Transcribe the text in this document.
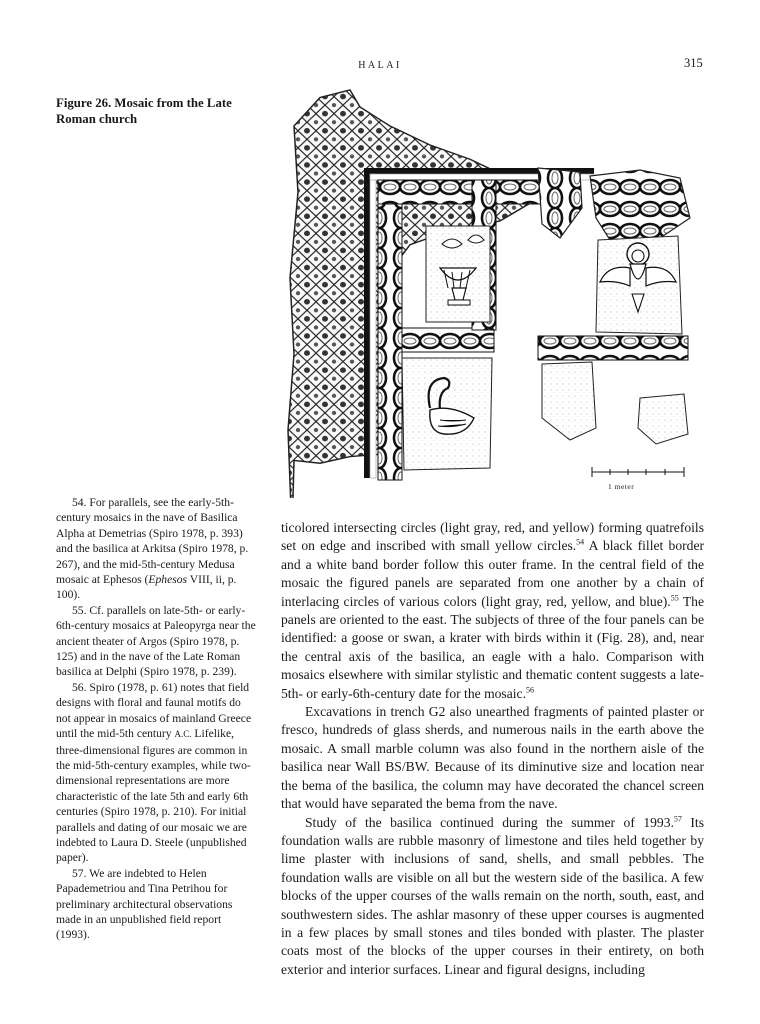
HALAI	315
Figure 26. Mosaic from the Late Roman church
1 meter

54. For parallels, see the early-5th-century mosaics in the nave of Basilica Alpha at Demetrias (Spiro 1978, p. 393) and the basilica at Arkitsa (Spiro 1978, p. 267), and the mid-5th-century Medusa mosaic at Ephesos (Ephesos VIII, ii, p. 100).

55. Cf. parallels on late-5th- or early-6th-century mosaics at Paleopyrga near the ancient theater of Argos (Spiro 1978, p. 125) and in the nave of the Late Roman basilica at Delphi (Spiro 1978, p. 239).

56. Spiro (1978, p. 61) notes that field designs with floral and faunal motifs do not appear in mosaics of mainland Greece until the mid-5th century A.C. Lifelike, three-dimensional figures are common in the mid-5th-century examples, while two-dimensional representations are more characteristic of the late 5th and early 6th centuries (Spiro 1978, p. 210). For initial parallels and dating of our mosaic we are indebted to Laura D. Steele (unpublished paper).

57. We are indebted to Helen Papademetriou and Tina Petrihou for preliminary architectural observations made in an unpublished field report (1993).

ticolored intersecting circles (light gray, red, and yellow) forming quatrefoils set on edge and inscribed with small yellow circles.$^{54}$ A black fillet border and a white band border follow this outer frame. In the central field of the mosaic the figured panels are separated from one another by a chain of interlacing circles of various colors (light gray, red, yellow, and blue).$^{55}$ The panels are oriented to the east. The subjects of three of the four panels can be identified: a goose or swan, a krater with birds within it (Fig. 28), and, near the central axis of the basilica, an eagle with a halo. Comparison with mosaics elsewhere with similar stylistic and thematic content suggests a late-5th- or early-6th-century date for the mosaic.$^{56}$

Excavations in trench G2 also unearthed fragments of painted plaster or fresco, hundreds of glass sherds, and numerous nails in the earth above the mosaic. A small marble column was also found in the northern aisle of the basilica near Wall BS/BW. Because of its diminutive size and location near the bema of the basilica, the column may have decorated the chancel screen that would have separated the bema from the nave.

Study of the basilica continued during the summer of 1993.57 Its foundation walls are rubble masonry of limestone and tiles held together by lime plaster with inclusions of sand, shells, and small pebbles. The foundation walls are visible on all but the western side of the basilica. A few blocks of the upper courses of the walls remain on the north, south, east, and southwestern sides. The ashlar masonry of these upper courses is augmented in a few places by small stones and tiles bonded with plaster. The plaster coats most of the blocks of the upper courses in their entirety, on both exterior and interior surfaces. Linear and figural designs, including
